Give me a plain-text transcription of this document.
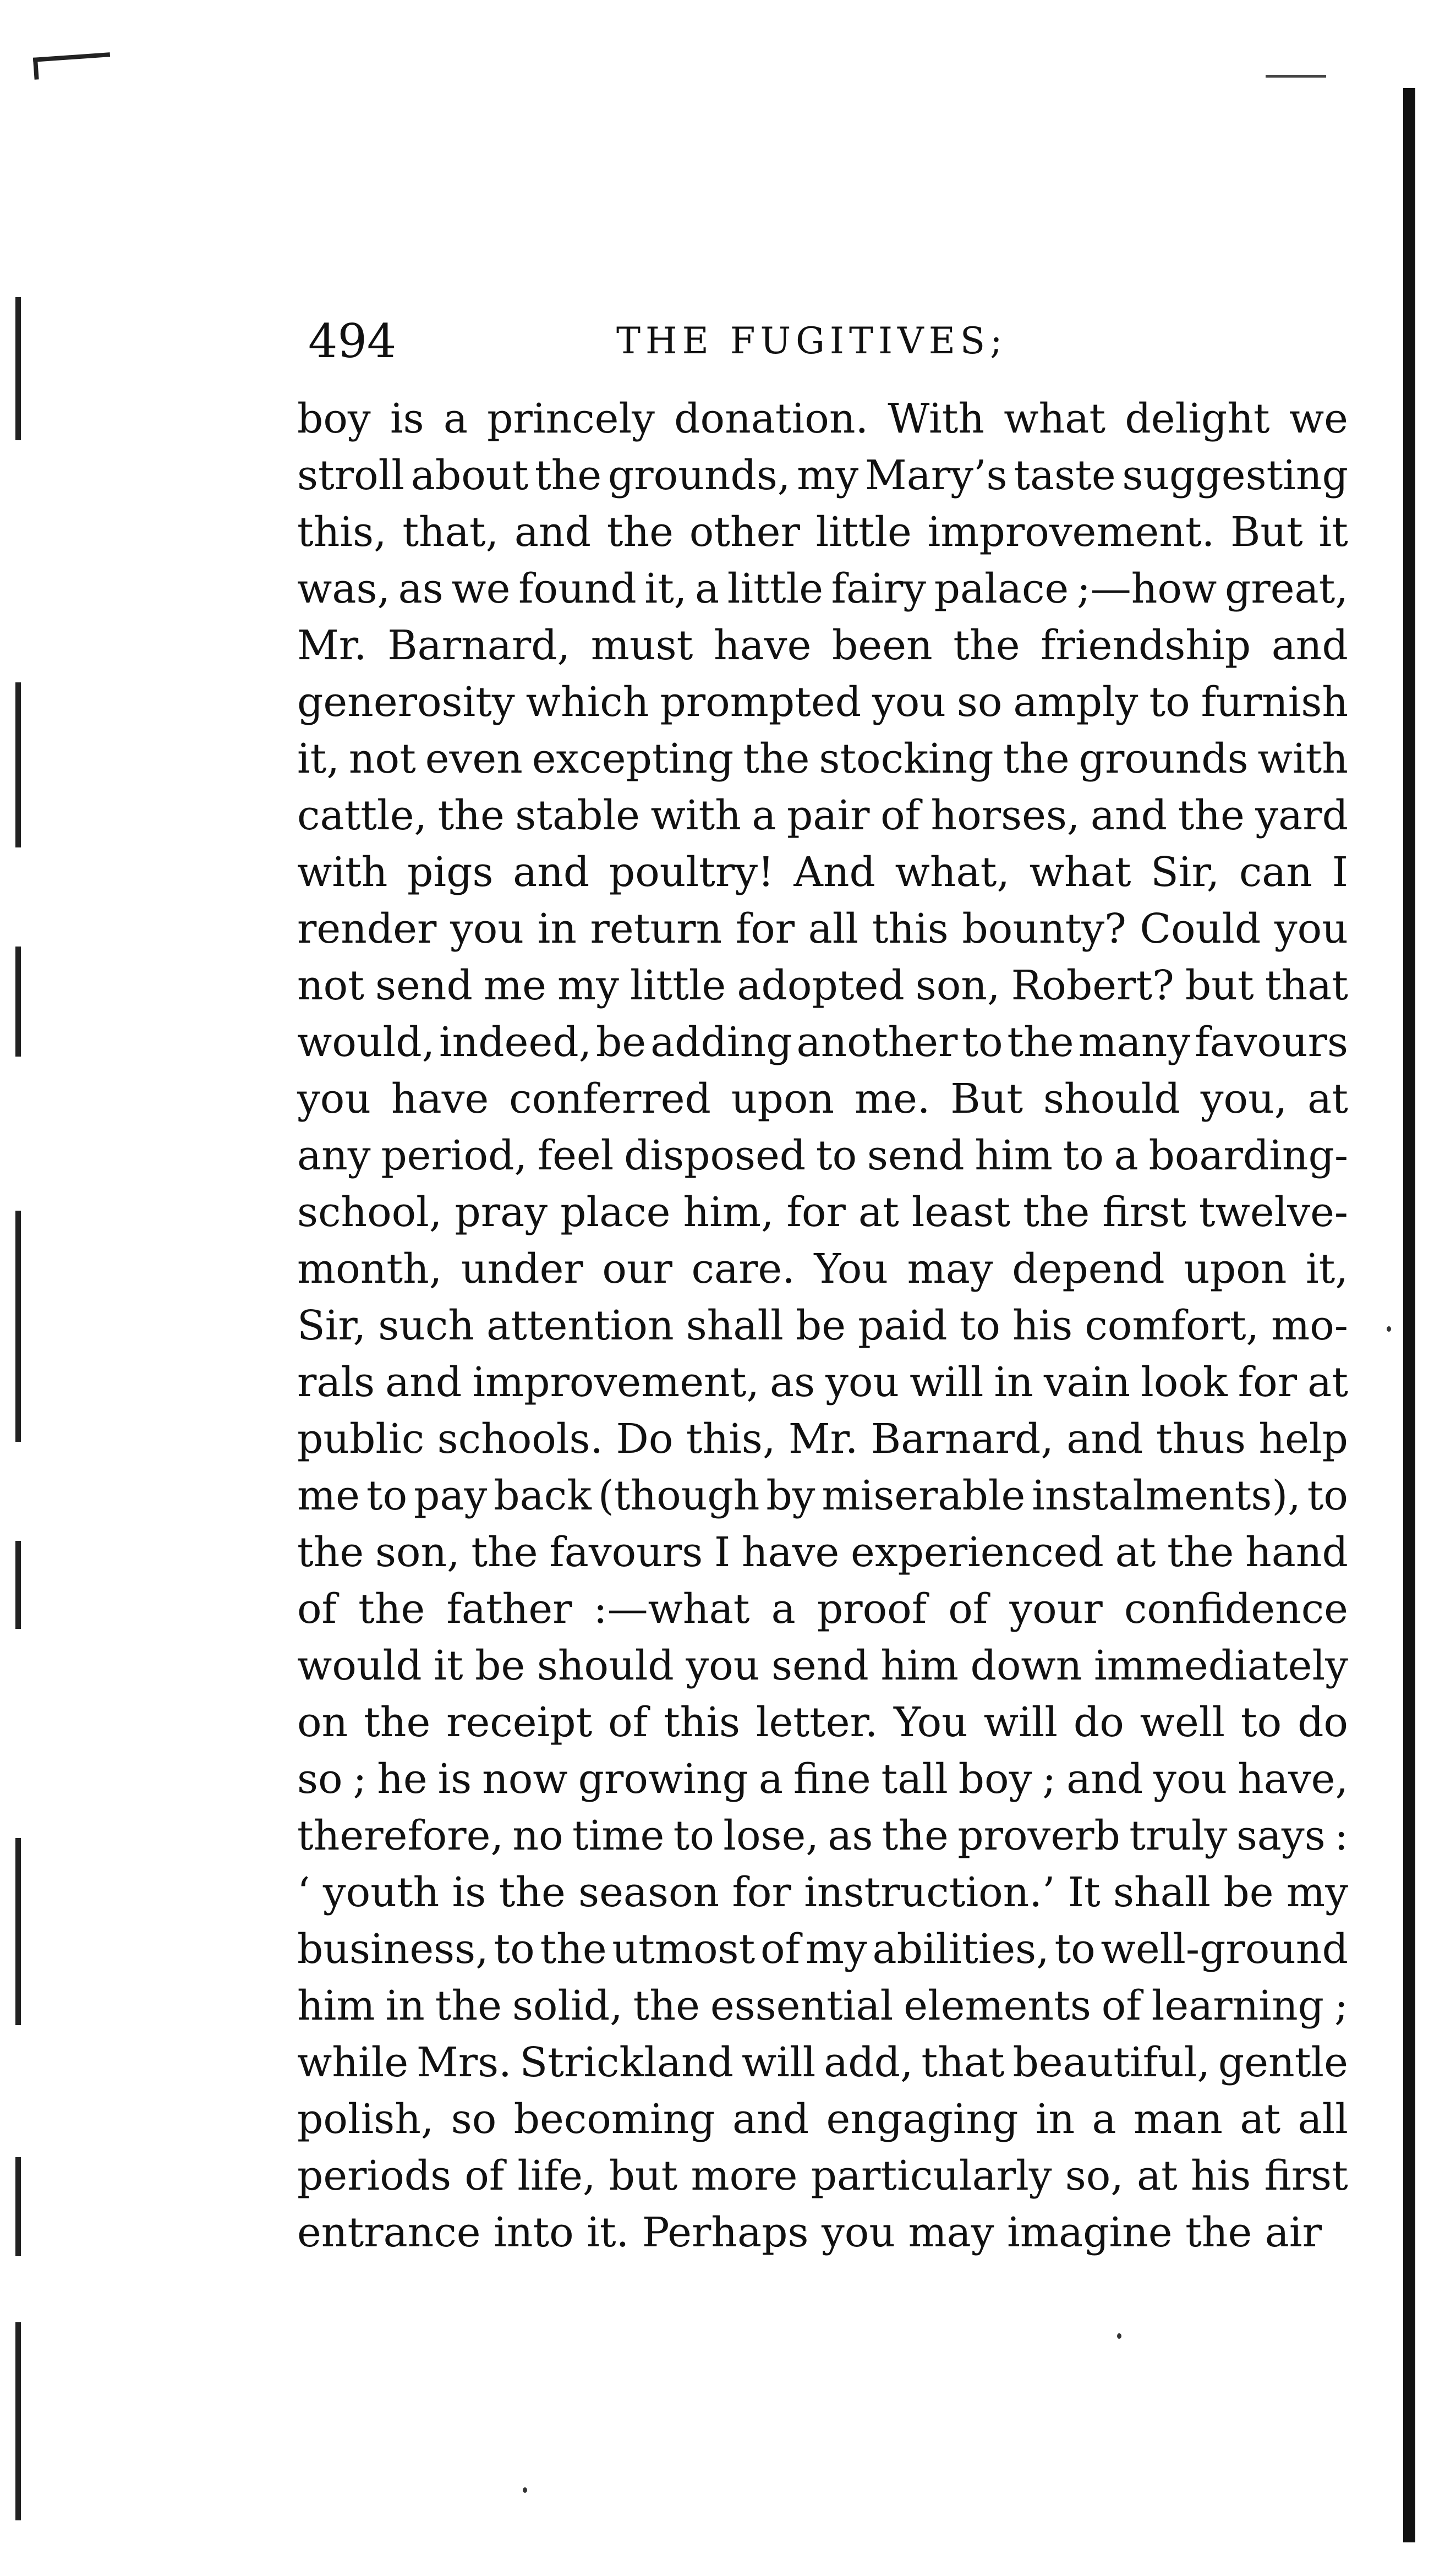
494	THE FUGITIVES;
boy is a princely donation. With what delight we
stroll about the grounds, my Mary’s taste suggesting
this, that, and the other little improvement. But it
was, as we found it, a little fairy palace ;—how great,
Mr. Barnard, must have been the friendship and
generosity which prompted you so amply to furnish
it, not even excepting the stocking the grounds with
cattle, the stable with a pair of horses, and the yard
with pigs and poultry! And what, what Sir, can I
render you in return for all this bounty? Could you
not send me my little adopted son, Robert? but that
would, indeed, be adding another to the many favours
you have conferred upon me. But should you, at
any period, feel disposed to send him to a boarding-
school, pray place him, for at least the first twelve-
month, under our care. You may depend upon it,
Sir, such attention shall be paid to his comfort, mo-
rals and improvement, as you will in vain look for at
public schools. Do this, Mr. Barnard, and thus help
me to pay back (though by miserable instalments), to
the son, the favours I have experienced at the hand
of the father :—what a proof of your confidence
would it be should you send him down immediately
on the receipt of this letter. You will do well to do
so ; he is now growing a fine tall boy ; and you have,
therefore, no time to lose, as the proverb truly says :
‘ youth is the season for instruction.’ It shall be my
business, to the utmost of my abilities, to well-ground
him in the solid, the essential elements of learning ;
while Mrs. Strickland will add, that beautiful, gentle
polish, so becoming and engaging in a man at all
periods of life, but more particularly so, at his first
entrance into it. Perhaps you may imagine the air
